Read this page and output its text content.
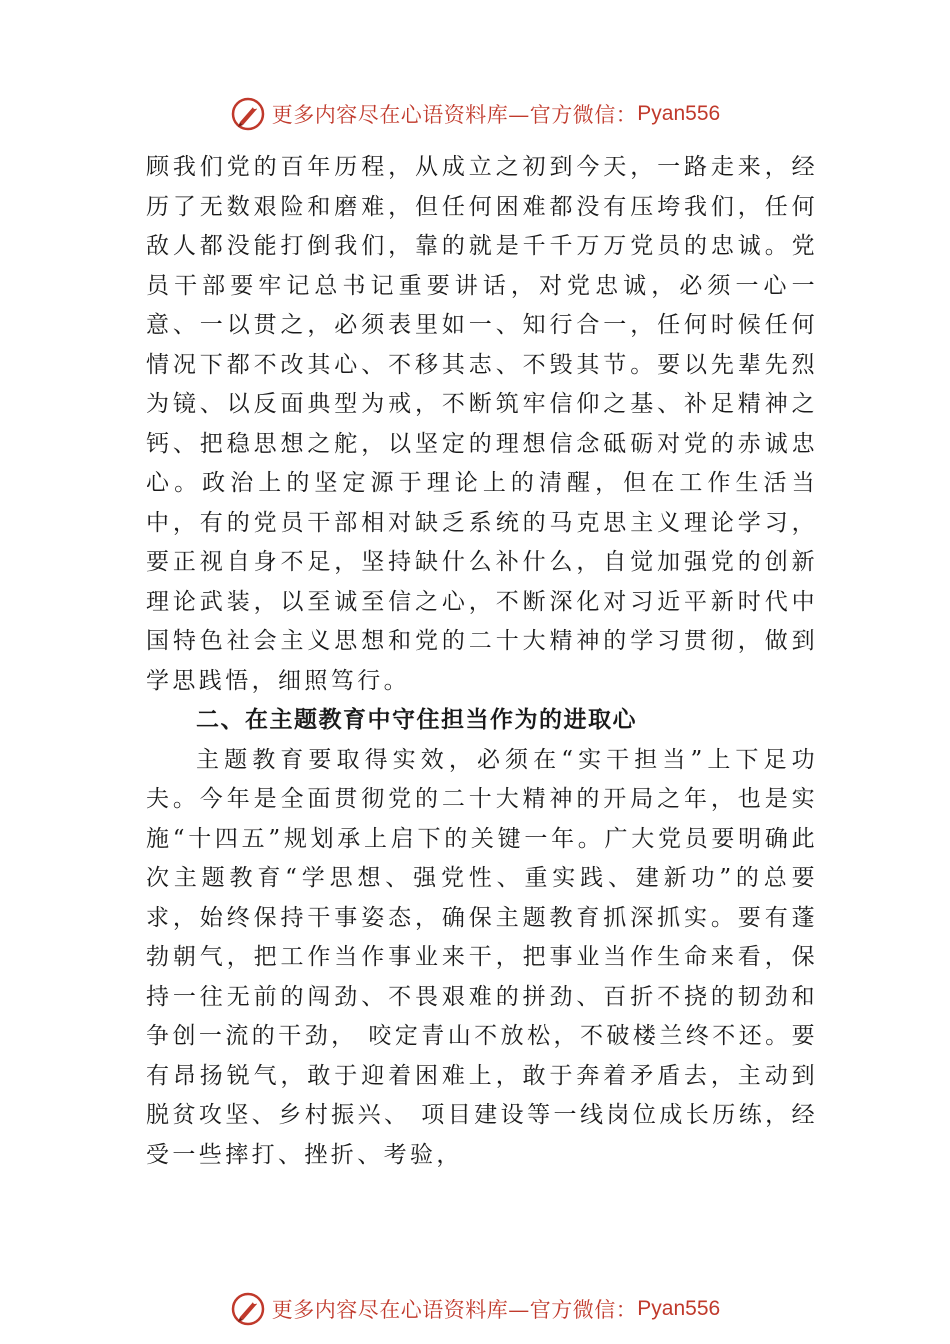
更多内容尽在心语资料库—官方微信： Pyan556

顾我们党的百年历程，从成立之初到今天，一路走来，经历了无数艰险和磨难，但任何困难都没有压垮我们，任何敌人都没能打倒我们，靠的就是千千万万党员的忠诚。党员干部要牢记总书记重要讲话，对党忠诚，必须一心一意、一以贯之，必须表里如一、知行合一，任何时候任何情况下都不改其心、不移其志、不毁其节。要以先辈先烈为镜、以反面典型为戒，不断筑牢信仰之基、补足精神之钙、把稳思想之舵，以坚定的理想信念砥砺对党的赤诚忠心。政治上的坚定源于理论上的清醒，但在工作生活当中，有的党员干部相对缺乏系统的马克思主义理论学习，要正视自身不足，坚持缺什么补什么，自觉加强党的创新理论武装，以至诚至信之心，不断深化对习近平新时代中国特色社会主义思想和党的二十大精神的学习贯彻，做到学思践悟，细照笃行。

二、在主题教育中守住担当作为的进取心

主题教育要取得实效，必须在“实干担当”上下足功夫。今年是全面贯彻党的二十大精神的开局之年，也是实施“十四五”规划承上启下的关键一年。广大党员要明确此次主题教育“学思想、强党性、重实践、建新功”的总要求，始终保持干事姿态，确保主题教育抓深抓实。要有蓬勃朝气，把工作当作事业来干，把事业当作生命来看，保持一往无前的闯劲、不畏艰难的拼劲、百折不挠的韧劲和争创一流的干劲， 咬定青山不放松，不破楼兰终不还。要有昂扬锐气，敢于迎着困难上，敢于奔着矛盾去，主动到脱贫攻坚、乡村振兴、 项目建设等一线岗位成长历练，经受一些摔打、挫折、考验，

更多内容尽在心语资料库—官方微信： Pyan556
